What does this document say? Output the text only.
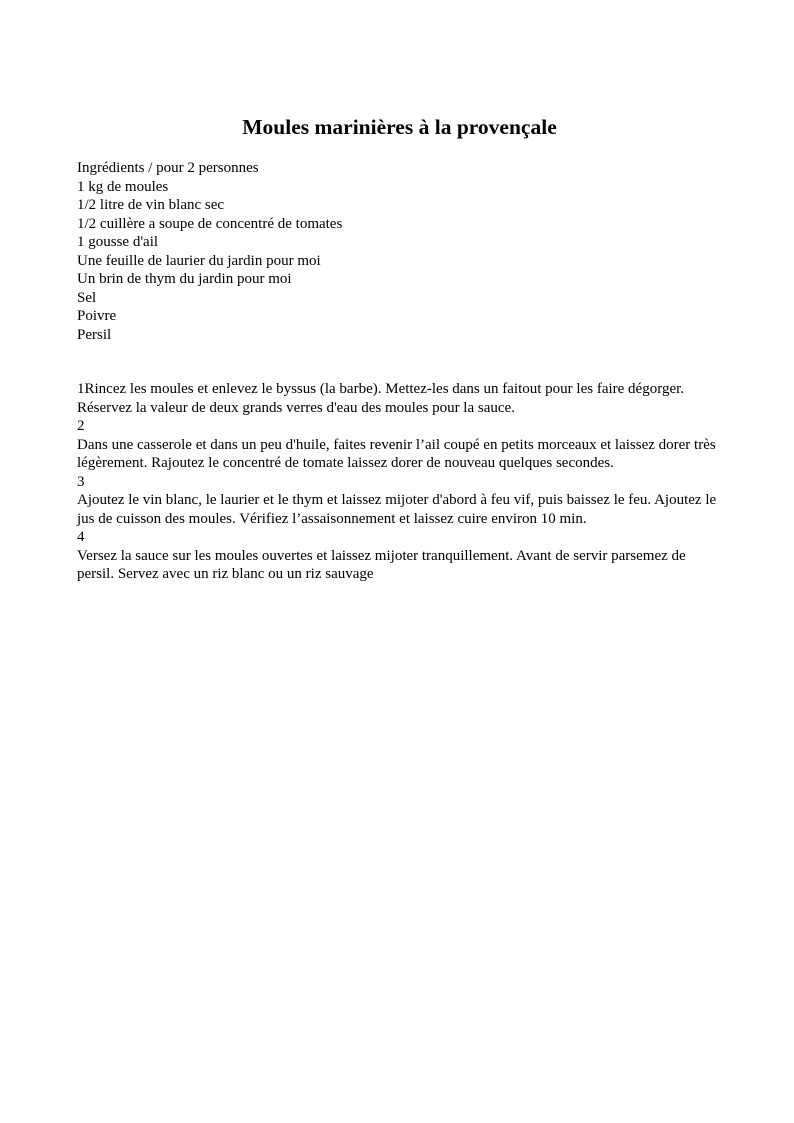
Moules marinières à la provençale
Ingrédients / pour 2 personnes
1 kg de moules
1/2 litre de vin blanc sec
1/2 cuillère a soupe de concentré de tomates
1 gousse d'ail
Une feuille de laurier du jardin pour moi
Un brin de thym du jardin pour moi
Sel
Poivre
Persil
1Rincez les moules et enlevez le byssus (la barbe). Mettez-les dans un faitout pour les faire dégorger. Réservez la valeur de deux grands verres d'eau des moules pour la sauce.
2
Dans une casserole et dans un peu d'huile, faites revenir l’ail coupé en petits morceaux et laissez dorer très légèrement. Rajoutez le concentré de tomate laissez dorer de nouveau quelques secondes.
3
Ajoutez le vin blanc, le laurier et le thym et laissez mijoter d'abord à feu vif, puis baissez le feu. Ajoutez le jus de cuisson des moules. Vérifiez l’assaisonnement et laissez cuire environ 10 min.
4
Versez la sauce sur les moules ouvertes et laissez mijoter tranquillement. Avant de servir parsemez de persil. Servez avec un riz blanc ou un riz sauvage
